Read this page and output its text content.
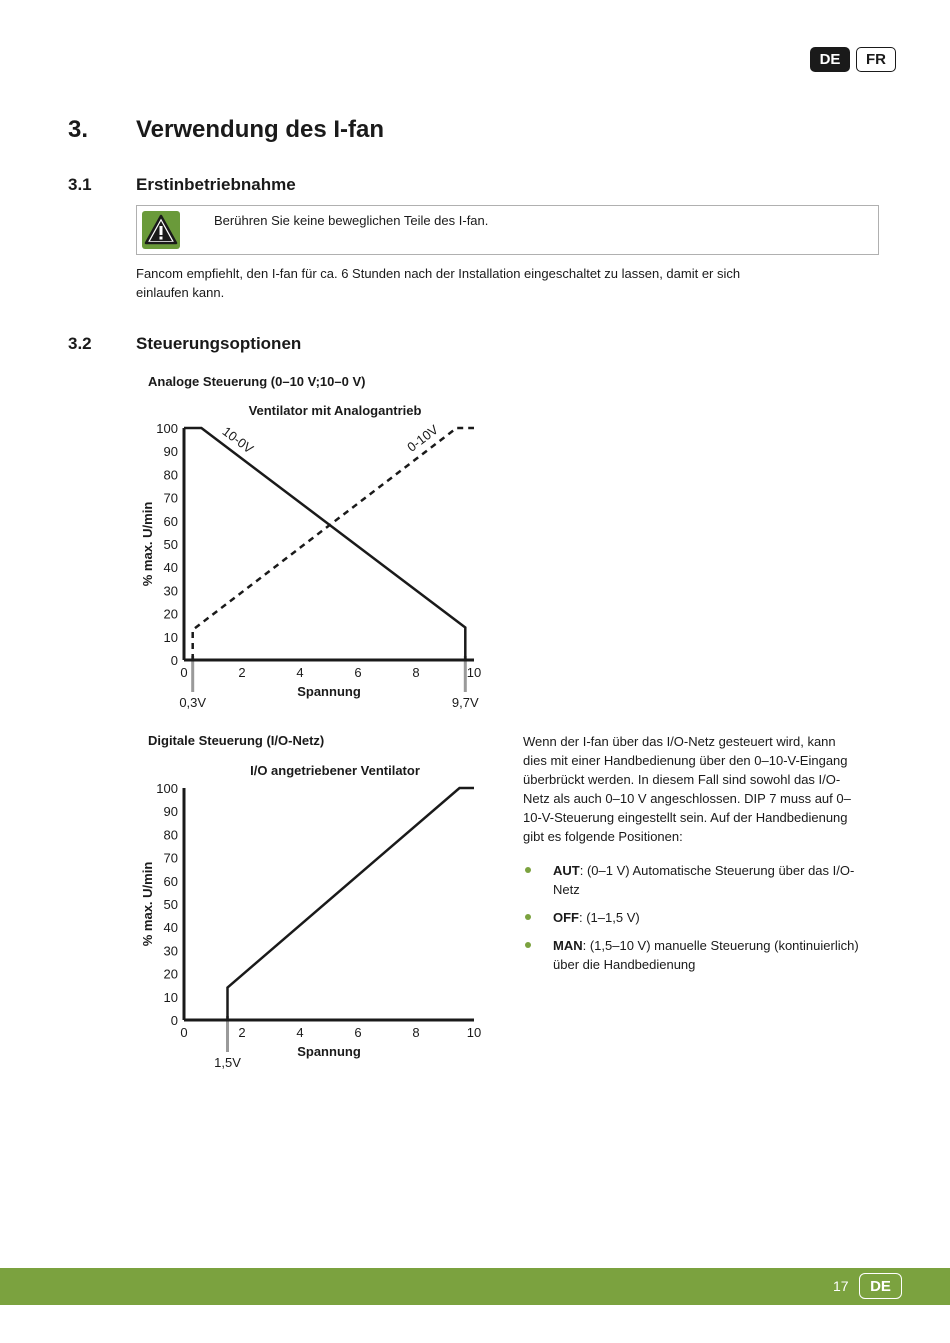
DE	FR
3. Verwendung des I-fan
3.1	Erstinbetriebnahme
Berühren Sie keine beweglichen Teile des I-fan.
Fancom empfiehlt, den I-fan für ca. 6 Stunden nach der Installation eingeschaltet zu lassen, damit er sich
einlaufen kann.
3.2	Steuerungsoptionen
Analoge Steuerung (0–10 V;10–0 V)
Ventilator mit Analogantrieb
0,3V	9,7V
0
10
20
30
40
50
60
70
80
90
100
0	2	4	6	8	10
Spannung
% max. U/min
10-0V	0-10V
Digitale Steuerung (I/O-Netz)
I/O angetriebener Ventilator
1,5V
0
10
20
30
40
50
60
70
80
90
100
0	2	4	6	8	10
Spannung
% max. U/min
Wenn der I-fan über das I/O-Netz gesteuert wird, kann
dies mit einer Handbedienung über den 0–10-V-Eingang
überbrückt werden. In diesem Fall sind sowohl das I/O-
Netz als auch 0–10 V angeschlossen. DIP 7 muss auf 0–
10-V-Steuerung eingestellt sein. Auf der Handbedienung
gibt es folgende Positionen:
AUT: (0–1 V) Automatische Steuerung über das I/O-
Netz
OFF: (1–1,5 V)
MAN: (1,5–10 V) manuelle Steuerung (kontinuierlich)
über die Handbedienung
17	DE
